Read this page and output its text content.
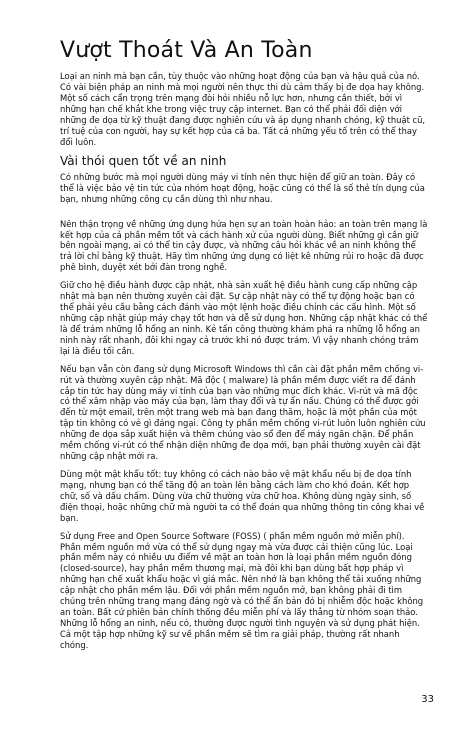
Vượt Thoát Và An Toàn

Loại an ninh mà bạn cần, tùy thuộc vào những hoạt động của bạn và hậu quả của nó. Có vài biện pháp an ninh mà mọi người nên thực thi dù cảm thấy bị đe dọa hay không. Một số cách cẩn trọng trên mạng đòi hỏi nhiều nỗ lực hơn, nhưng cần thiết, bởi vì những hạn chế khắt khe trong việc truy cập internet. Bạn có thể phải đối diện với những đe dọa từ kỹ thuật đang được nghiên cứu và áp dụng nhanh chóng, kỹ thuật cũ, trí tuệ của con người, hay sự kết hợp của cả ba. Tất cả những yếu tố trên có thể thay đổi luôn.

Vài thói quen tốt về an ninh

Có những bước mà mọi người dùng máy vi tính nên thực hiện để giữ an toàn. Đây có thể là việc bảo vệ tin tức của nhóm hoạt động, hoặc cũng có thể là số thẻ tín dụng của bạn, nhưng những công cụ cần dùng thì như nhau.

Nên thận trọng về những ứng dụng hứa hẹn sự an toàn hoàn hảo: an toàn trên mạng là kết hợp của cả phần mềm tốt và cách hành xử của người dùng. Biết những gì cần giữ bên ngoài mạng, ai có thể tin cậy được, và những câu hỏi khác về an ninh không thể trả lời chỉ bằng kỹ thuật. Hãy tìm những ứng dụng có liệt kê những rủi ro hoặc đã được phê bình, duyệt xét bởi đàn trong nghề.

Giữ cho hệ điều hành được cập nhật, nhà sản xuất hệ điều hành cung cấp những cập nhật mà bạn nên thường xuyên cài đặt. Sự cập nhật này có thể tự động hoặc bạn có thể phải yêu cầu bằng cách đánh vào một lệnh hoặc điều chỉnh các cấu hình. Một số những cập nhật giúp máy chạy tốt hơn và dễ sử dụng hơn. Những cập nhật khác có thể là để trám những lỗ hổng an ninh. Kẻ tấn công thường khám phá ra những lỗ hổng an ninh này rất nhanh, đôi khi ngay cả trước khi nó được trám. Vì vậy nhanh chóng trám lại là điều tối cần.

Nếu bạn vẫn còn đang sử dụng Microsoft Windows thì cần cài đặt phần mềm chống vi-rút và thường xuyên cập nhật. Mã độc ( malware) là phần mềm được viết ra để đánh cắp tin tức hay dùng máy vi tính của bạn vào những mục đích khác. Vi-rút và mã độc có thể xâm nhập vào máy của bạn, làm thay đổi và tự ẩn nấu. Chúng có thể được gởi đến từ một email, trên một trang web mà bạn đang thăm, hoặc là một phần của một tập tin không có vẻ gì đáng ngại. Công ty phần mềm chống vi-rút luôn luôn nghiên cứu những đe dọa sắp xuất hiện và thêm chúng vào sổ đen để máy ngăn chặn. Để phần mềm chống vi-rút có thể nhận diện những đe dọa mới, bạn phải thường xuyên cài đặt những cập nhật mới ra.

Dùng một mật khẩu tốt: tuy không có cách nào bảo vệ mật khẩu nếu bị đe dọa tính mạng, nhưng bạn có thể tăng độ an toàn lên bằng cách làm cho khó đoán. Kết hợp chữ, số và dấu chấm. Dùng vừa chữ thường vừa chữ hoa. Không dùng ngày sinh, số điện thoại, hoặc những chữ mà người ta có thể đoán qua những thông tin công khai về bạn.

Sử dụng Free and Open Source Software (FOSS) ( phần mềm nguồn mở miễn phí). Phần mềm nguồn mở vừa có thể sử dụng ngay mà vừa được cải thiện cũng lúc. Loại phần mềm này có nhiều ưu điểm về mặt an toàn hơn là loại phần mềm nguồn đóng (closed-source), hay phần mềm thương mại, mà đôi khi bạn dùng bất hợp pháp vì những hạn chế xuất khẩu hoặc vì giá mắc. Nên nhớ là bạn không thể tải xuống những cập nhật cho phần mềm lậu. Đối với phần mềm nguồn mở, bạn không phải đi tìm chúng trên những trang mạng đáng ngờ và có thể ẩn bản đó bị nhiễm độc hoặc không an toàn. Bất cứ phiên bản chính thống đều miễn phí và lấy thẳng từ nhóm soạn thảo. Những lỗ hổng an ninh, nếu có, thường được người tình nguyện và sử dụng phát hiện. Cả một tập hợp những kỹ sư về phần mềm sẽ tìm ra giải pháp, thường rất nhanh chóng.

33
